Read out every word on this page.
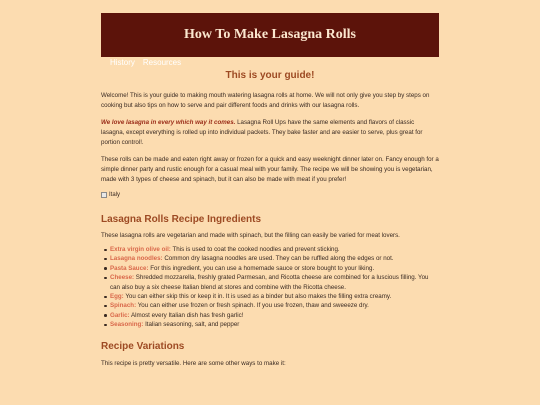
How To Make Lasagna Rolls
History Resources
This is your guide!

Welcome! This is your guide to making mouth watering lasagna rolls at home. We will not only give you step by steps on cooking but also tips on how to serve and pair different foods and drinks with our lasagna rolls.

We love lasagna in every which way it comes. Lasagna Roll Ups have the same elements and flavors of classic lasagna, except everything is rolled up into individual packets. They bake faster and are easier to serve, plus great for portion control!.

These rolls can be made and eaten right away or frozen for a quick and easy weeknight dinner later on. Fancy enough for a simple dinner party and rustic enough for a casual meal with your family. The recipe we will be showing you is vegetarian, made with 3 types of cheese and spinach, but it can also be made with meat if you prefer!

Italy
Lasagna Rolls Recipe Ingredients

These lasagna rolls are vegetarian and made with spinach, but the filling can easily be varied for meat lovers.

Extra virgin olive oil: This is used to coat the cooked noodles and prevent sticking.
Lasagna noodles: Common dry lasagna noodles are used. They can be ruffled along the edges or not.
Pasta Sauce: For this ingredient, you can use a homemade sauce or store bought to your liking.
Cheese: Shredded mozzarella, freshly grated Parmesan, and Ricotta cheese are combined for a luscious filling. You can also buy a six cheese Italian blend at stores and combine with the Ricotta cheese.
Egg: You can either skip this or keep it in. It is used as a binder but also makes the filling extra creamy.
Spinach: You can either use frozen or fresh spinach. If you use frozen, thaw and sweeeze dry.
Garlic: Almost every Italian dish has fresh garlic!
Seasoning: Italian seasoning, salt, and pepper
Recipe Variations

This recipe is pretty versatile. Here are some other ways to make it:
